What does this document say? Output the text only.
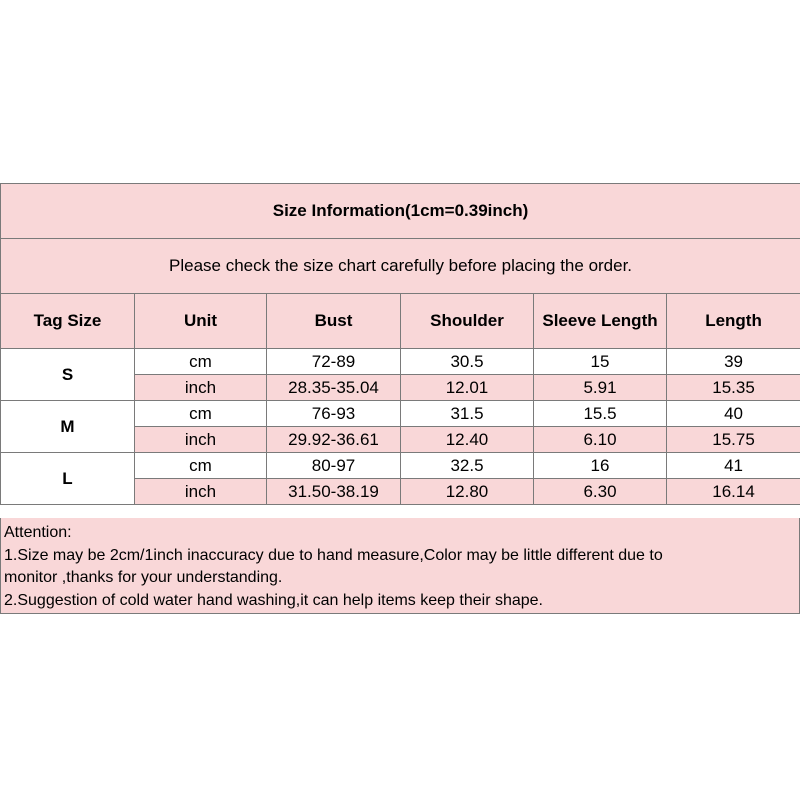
Size Information(1cm=0.39inch)					
Please check the size chart carefully before placing the order.					
Tag Size	Unit	Bust	Shoulder	Sleeve Length	Length
S	cm	72-89	30.5	15	39
	inch	28.35-35.04	12.01	5.91	15.35
M	cm	76-93	31.5	15.5	40
	inch	29.92-36.61	12.40	6.10	15.75
L	cm	80-97	32.5	16	41
	inch	31.50-38.19	12.80	6.30	16.14
Attention:
1.Size may be 2cm/1inch inaccuracy due to hand measure,Color may be little different due to
monitor ,thanks for your understanding.
2.Suggestion of cold water hand washing,it can help items keep their shape.
